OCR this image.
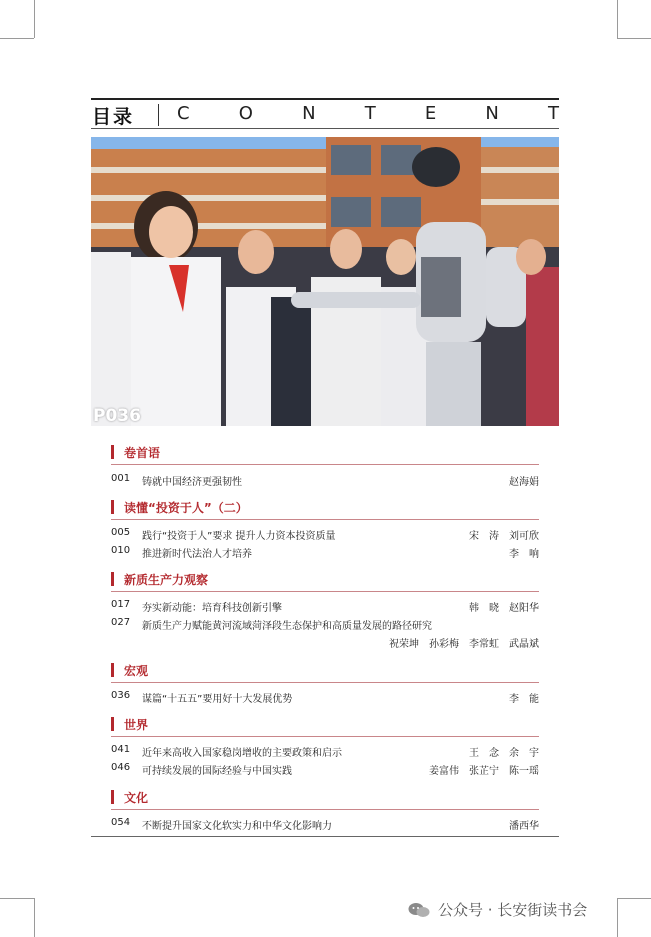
目录 C	O	N	T	E	N	T
P036
卷首语
001 铸就中国经济更强韧性	赵海娟
读懂“投资于人”（二）
005 践行“投资于人”要求 提升人力资本投资质量	宋　涛　刘可欣
010 推进新时代法治人才培养	李　响
新质生产力观察
017 夯实新动能：培育科技创新引擎	韩　晓　赵阳华
027 新质生产力赋能黄河流域菏泽段生态保护和高质量发展的路径研究
祝荣坤　孙彩梅　李常虹　武晶斌
宏观
036 谋篇“十五五”要用好十大发展优势	李　能
世界
041 近年来高收入国家稳岗增收的主要政策和启示	王　念　余　宇
046 可持续发展的国际经验与中国实践	姜富伟　张芷宁　陈一瑶
文化
054 不断提升国家文化软实力和中华文化影响力	潘西华
公众号 · 长安街读书会
